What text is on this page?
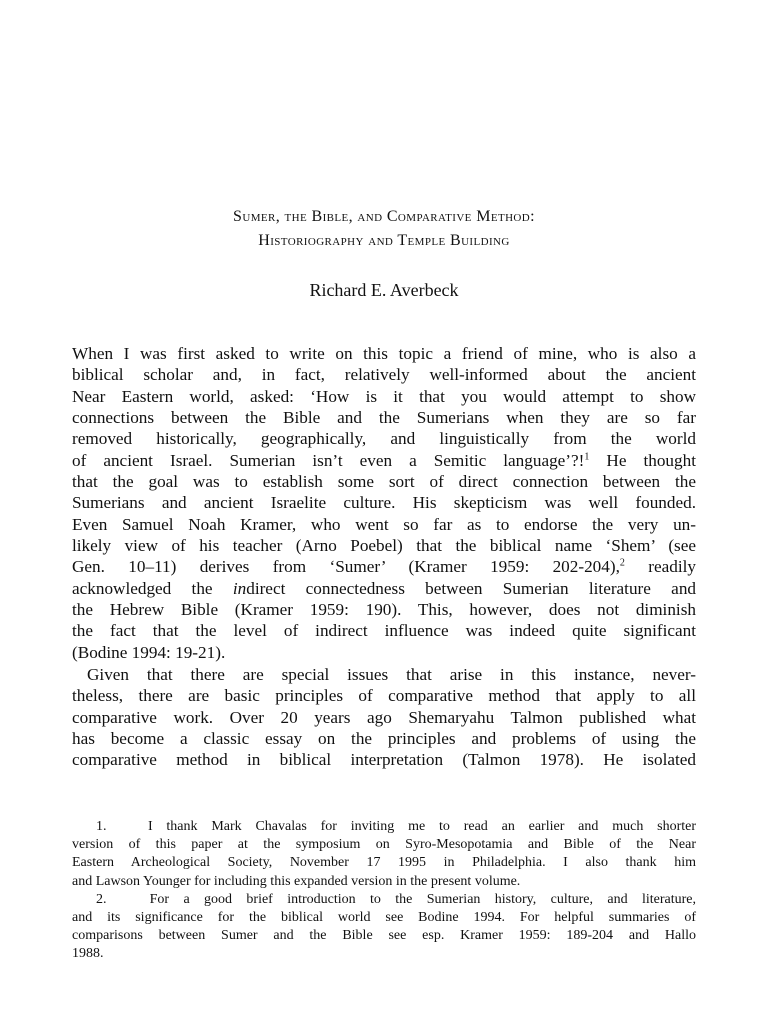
Sumer, the Bible, and Comparative Method:
Historiography and Temple Building
Richard E. Averbeck
When I was first asked to write on this topic a friend of mine, who is also a
biblical scholar and, in fact, relatively well-informed about the ancient
Near Eastern world, asked: ‘How is it that you would attempt to show
connections between the Bible and the Sumerians when they are so far
removed historically, geographically, and linguistically from the world
of ancient Israel. Sumerian isn’t even a Semitic language’?!$^1$ He thought
that the goal was to establish some sort of direct connection between the
Sumerians and ancient Israelite culture. His skepticism was well founded.
Even Samuel Noah Kramer, who went so far as to endorse the very un-
likely view of his teacher (Arno Poebel) that the biblical name ‘Shem’ (see
Gen. 10–11) derives from ‘Sumer’ (Kramer 1959: 202-204),$^2$ readily
acknowledged the indirect connectedness between Sumerian literature and
the Hebrew Bible (Kramer 1959: 190). This, however, does not diminish
the fact that the level of indirect influence was indeed quite significant
(Bodine 1994: 19-21).
Given that there are special issues that arise in this instance, never-
theless, there are basic principles of comparative method that apply to all
comparative work. Over 20 years ago Shemaryahu Talmon published what
has become a classic essay on the principles and problems of using the
comparative method in biblical interpretation (Talmon 1978). He isolated
1.	I thank Mark Chavalas for inviting me to read an earlier and much shorter
version of this paper at the symposium on Syro-Mesopotamia and Bible of the Near
Eastern Archeological Society, November 17 1995 in Philadelphia. I also thank him
and Lawson Younger for including this expanded version in the present volume.
2.	For a good brief introduction to the Sumerian history, culture, and literature,
and its significance for the biblical world see Bodine 1994. For helpful summaries of
comparisons between Sumer and the Bible see esp. Kramer 1959: 189-204 and Hallo
1988.
